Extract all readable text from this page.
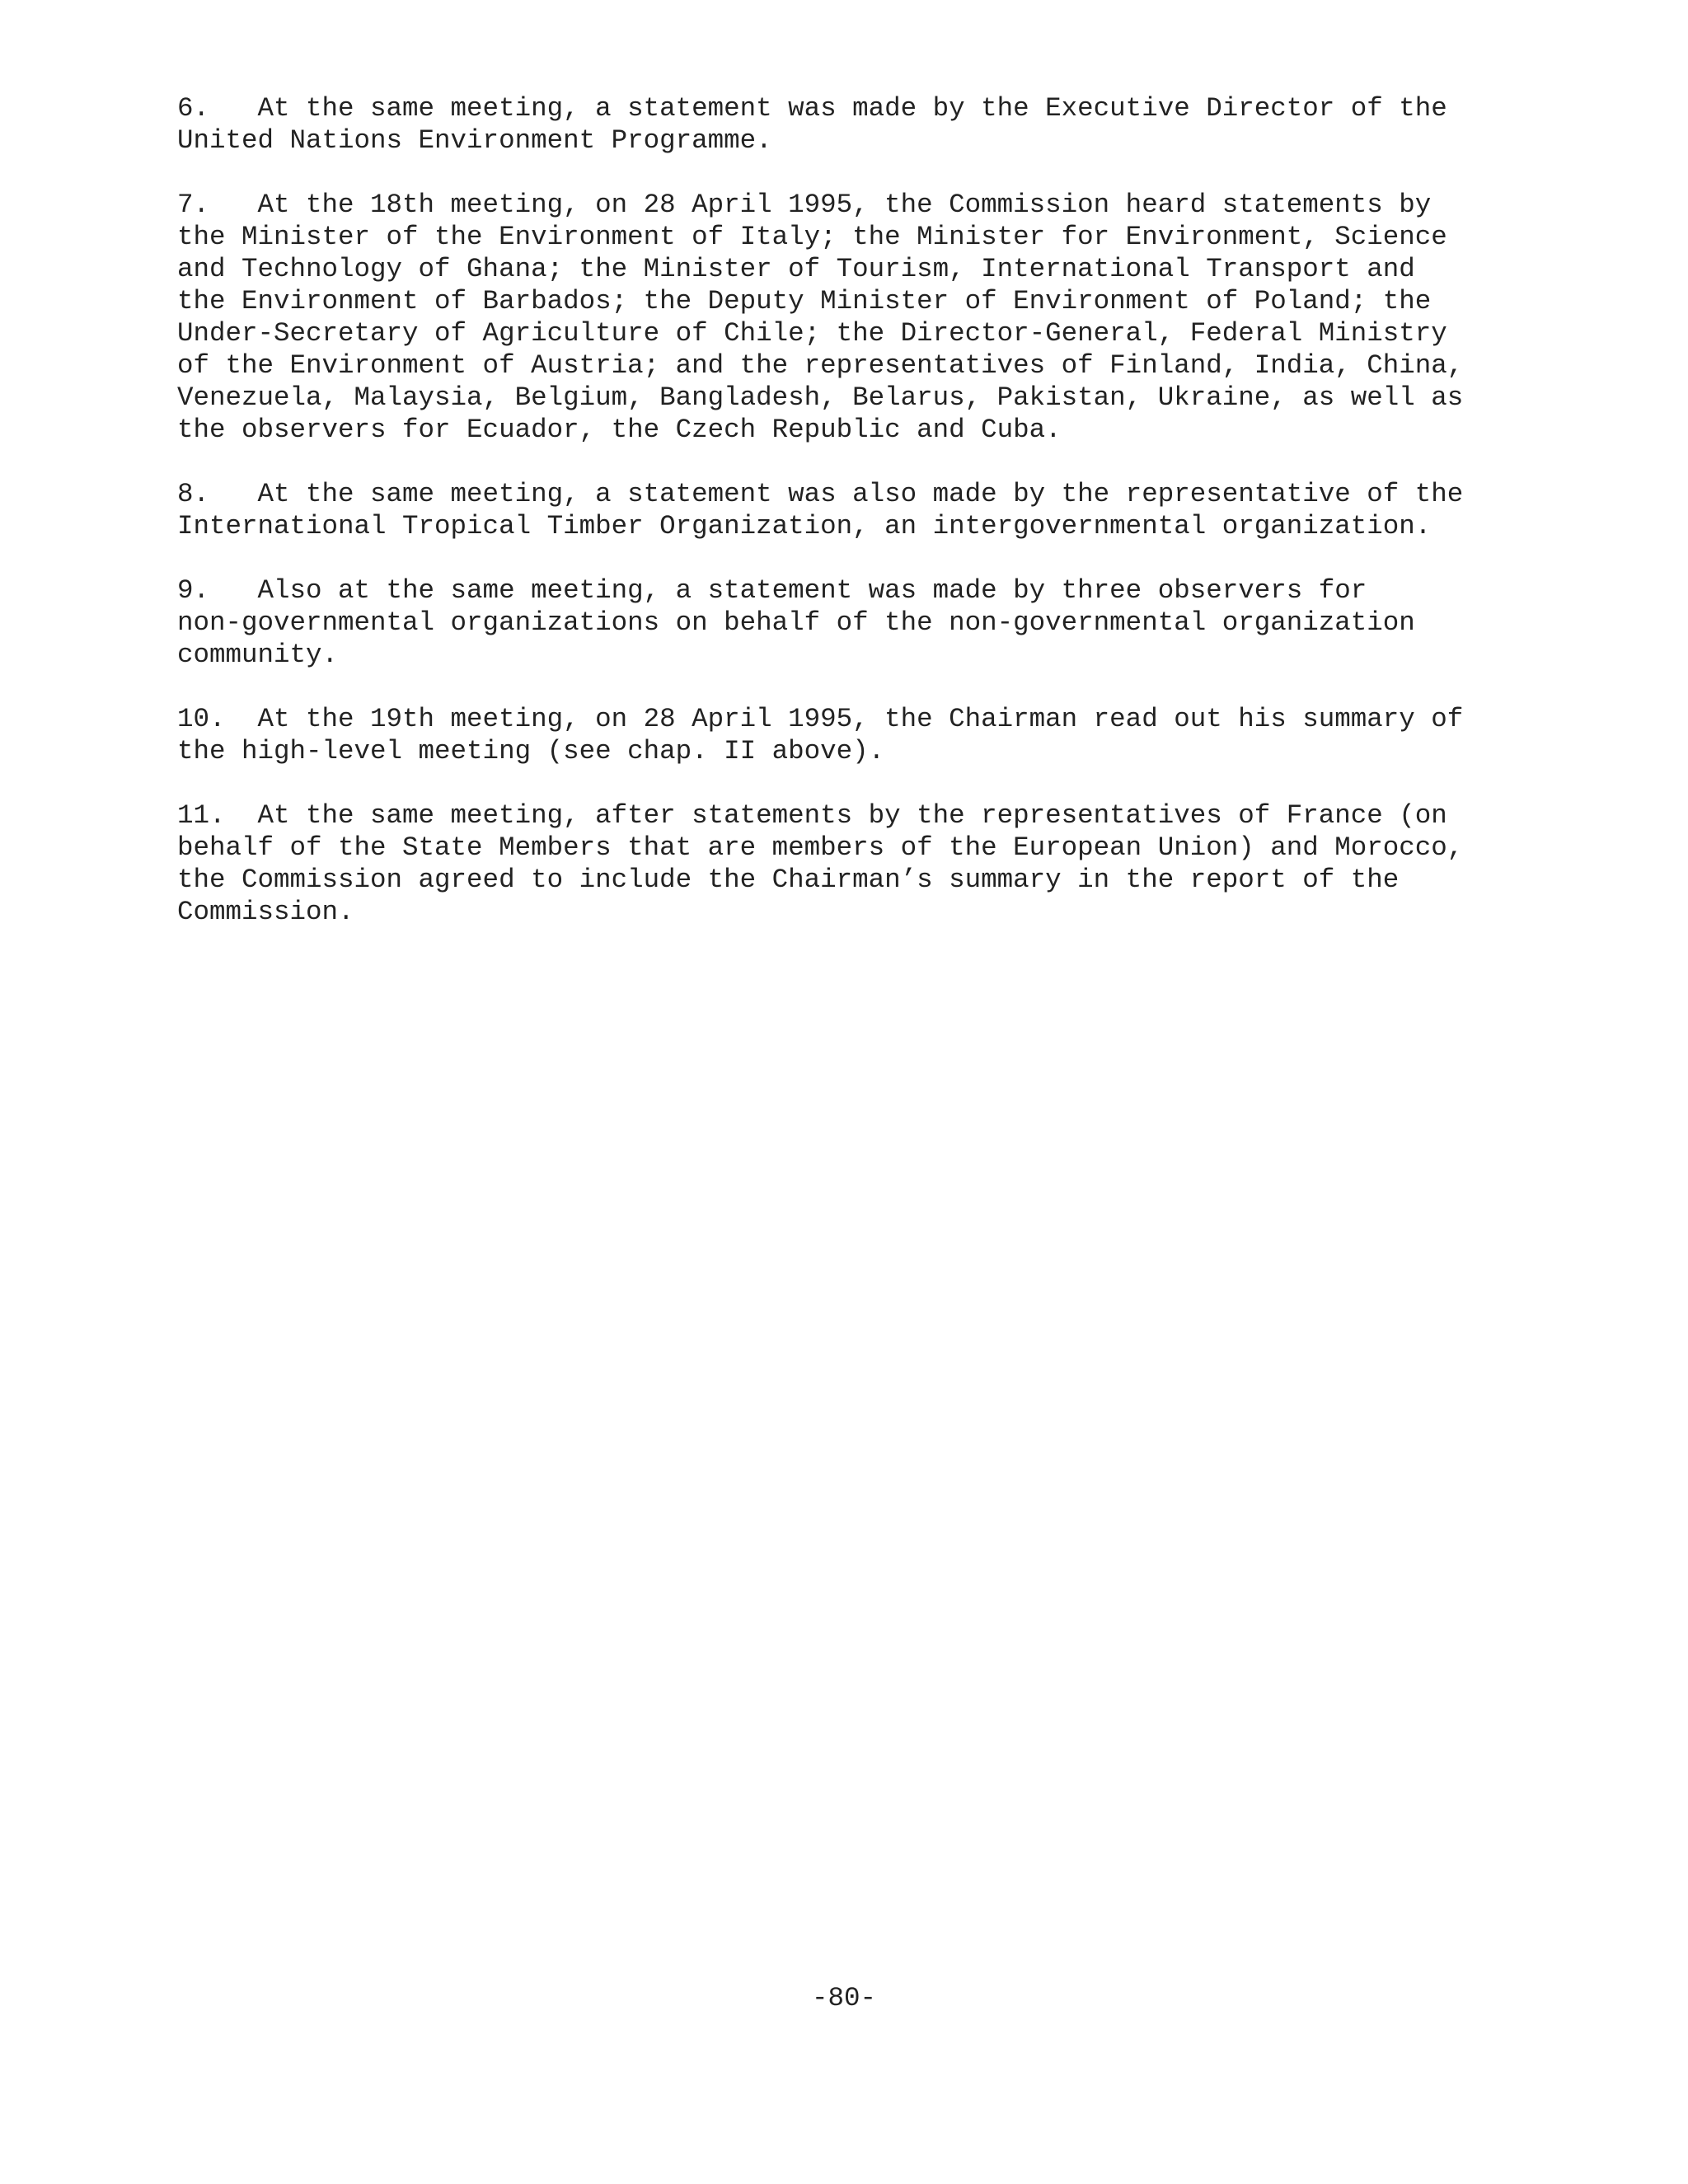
6.   At the same meeting, a statement was made by the Executive Director of the
United Nations Environment Programme.
7.   At the 18th meeting, on 28 April 1995, the Commission heard statements by
the Minister of the Environment of Italy; the Minister for Environment, Science
and Technology of Ghana; the Minister of Tourism, International Transport and
the Environment of Barbados; the Deputy Minister of Environment of Poland; the
Under-Secretary of Agriculture of Chile; the Director-General, Federal Ministry
of the Environment of Austria; and the representatives of Finland, India, China,
Venezuela, Malaysia, Belgium, Bangladesh, Belarus, Pakistan, Ukraine, as well as
the observers for Ecuador, the Czech Republic and Cuba.
8.   At the same meeting, a statement was also made by the representative of the
International Tropical Timber Organization, an intergovernmental organization.
9.   Also at the same meeting, a statement was made by three observers for
non-governmental organizations on behalf of the non-governmental organization
community.
10.  At the 19th meeting, on 28 April 1995, the Chairman read out his summary of
the high-level meeting (see chap. II above).
11.  At the same meeting, after statements by the representatives of France (on
behalf of the State Members that are members of the European Union) and Morocco,
the Commission agreed to include the Chairman’s summary in the report of the
Commission.
-80-
